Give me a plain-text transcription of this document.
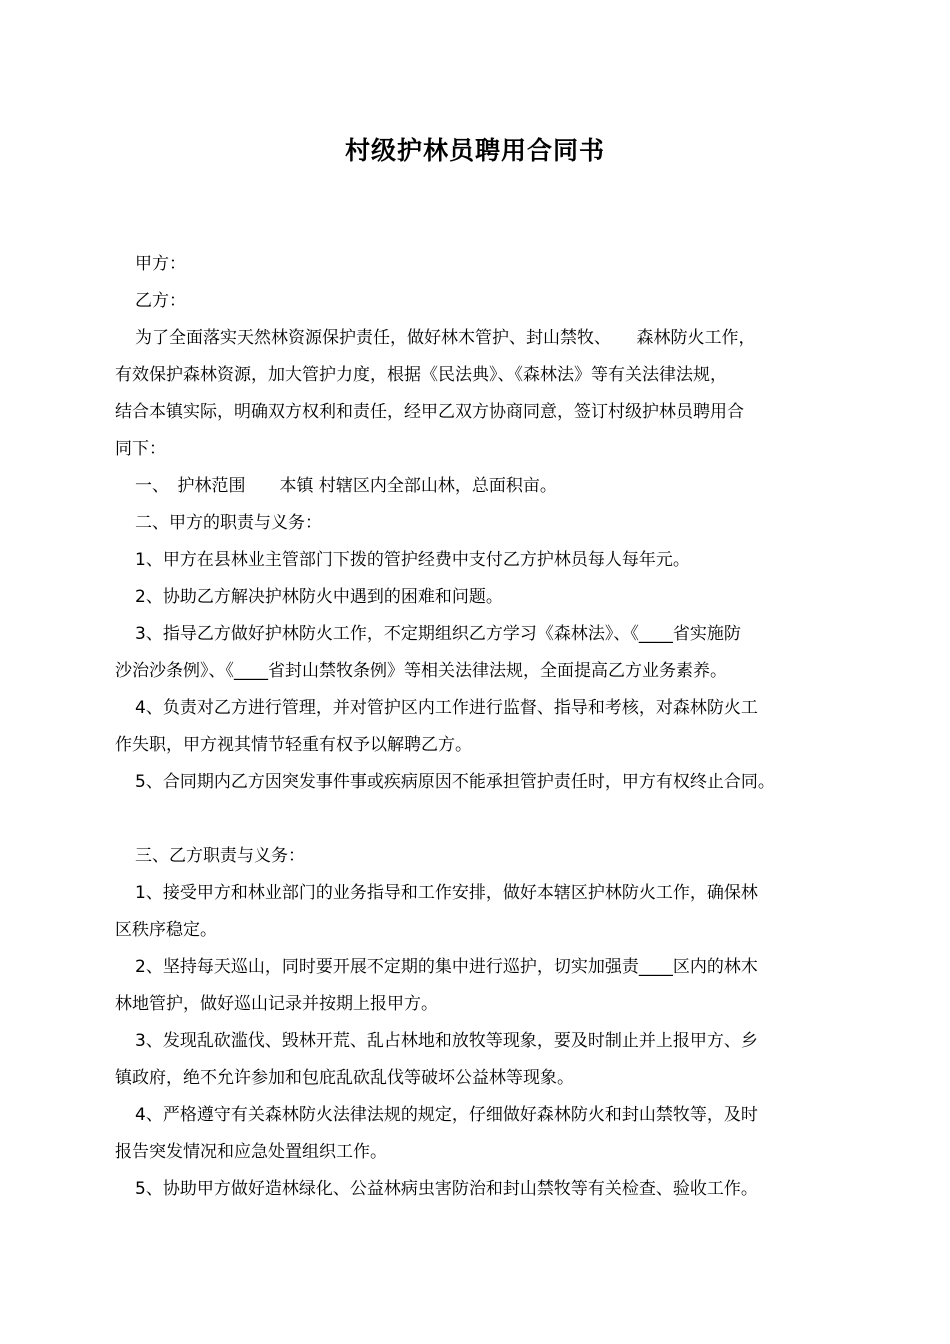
村级护林员聘用合同书

甲方：

乙方：

为了全面落实天然林资源保护责任，做好林木管护、封山禁牧、　　森林防火工作，
有效保护森林资源，加大管护力度，根据《民法典》、《森林法》等有关法律法规，
结合本镇实际，明确双方权利和责任，经甲乙双方协商同意，签订村级护林员聘用合
同下：

一、　护林范围　　本镇 村辖区内全部山林，总面积亩。

二、甲方的职责与义务：

1、甲方在县林业主管部门下拨的管护经费中支付乙方护林员每人每年元。

2、协助乙方解决护林防火中遇到的困难和问题。

3、指导乙方做好护林防火工作，不定期组织乙方学习《森林法》、《____省实施防
沙治沙条例》、《____省封山禁牧条例》等相关法律法规，全面提高乙方业务素养。

4、负责对乙方进行管理，并对管护区内工作进行监督、指导和考核，对森林防火工
作失职，甲方视其情节轻重有权予以解聘乙方。

5、合同期内乙方因突发事件事或疾病原因不能承担管护责任时，甲方有权终止合同。

三、乙方职责与义务：

1、接受甲方和林业部门的业务指导和工作安排，做好本辖区护林防火工作，确保林
区秩序稳定。

2、坚持每天巡山，同时要开展不定期的集中进行巡护，切实加强责____区内的林木
林地管护，做好巡山记录并按期上报甲方。

3、发现乱砍滥伐、毁林开荒、乱占林地和放牧等现象，要及时制止并上报甲方、乡
镇政府，绝不允许参加和包庇乱砍乱伐等破坏公益林等现象。

4、严格遵守有关森林防火法律法规的规定，仔细做好森林防火和封山禁牧等，及时
报告突发情况和应急处置组织工作。

5、协助甲方做好造林绿化、公益林病虫害防治和封山禁牧等有关检查、验收工作。
